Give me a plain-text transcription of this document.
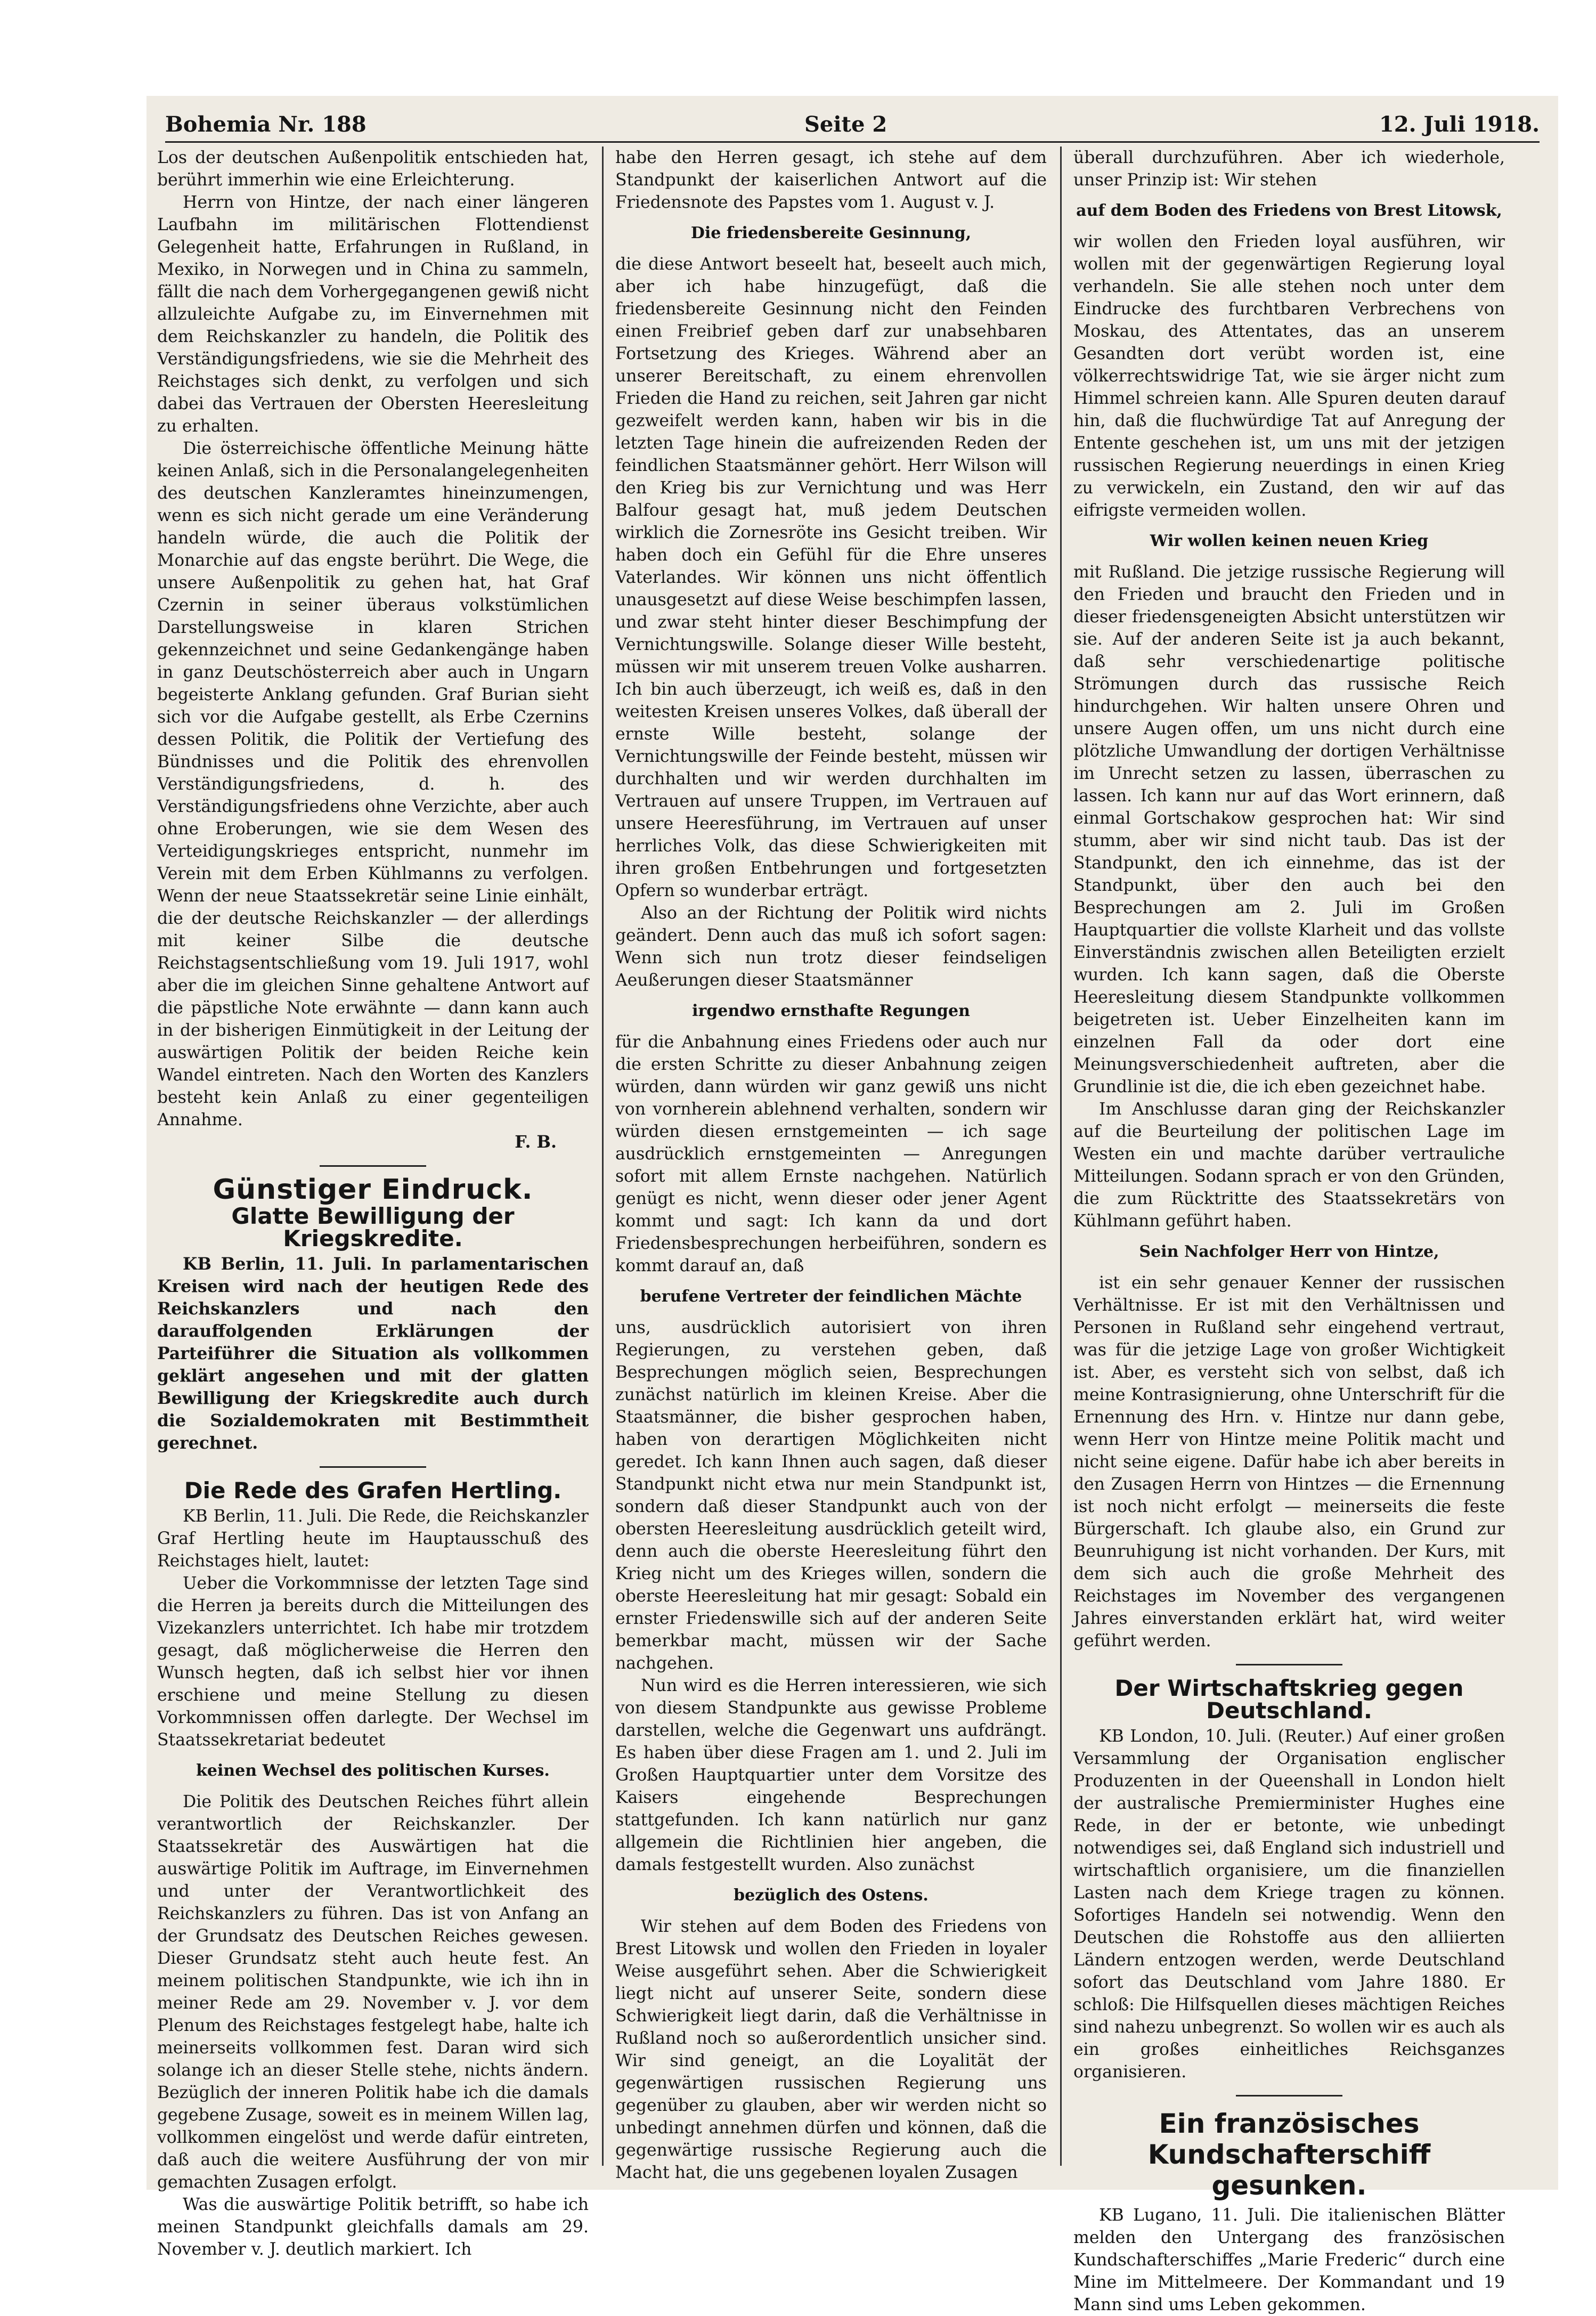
Bohemia Nr. 188	Seite 2	12. Juli 1918.

Los der deutschen Außenpolitik entschieden hat, berührt immerhin wie eine Erleichterung.

Herrn von Hintze, der nach einer längeren Laufbahn im militärischen Flottendienst Gelegenheit hatte, Erfahrungen in Rußland, in Mexiko, in Norwegen und in China zu sammeln, fällt die nach dem Vorhergegangenen gewiß nicht allzuleichte Aufgabe zu, im Einvernehmen mit dem Reichskanzler zu handeln, die Politik des Verständigungsfriedens, wie sie die Mehrheit des Reichstages sich denkt, zu verfolgen und sich dabei das Vertrauen der Obersten Heeresleitung zu erhalten.

Die österreichische öffentliche Meinung hätte keinen Anlaß, sich in die Personalangelegenheiten des deutschen Kanzleramtes hineinzumengen, wenn es sich nicht gerade um eine Veränderung handeln würde, die auch die Politik der Monarchie auf das engste berührt. Die Wege, die unsere Außenpolitik zu gehen hat, hat Graf Czernin in seiner überaus volkstümlichen Darstellungsweise in klaren Strichen gekennzeichnet und seine Gedankengänge haben in ganz Deutschösterreich aber auch in Ungarn begeisterte Anklang gefunden. Graf Burian sieht sich vor die Aufgabe gestellt, als Erbe Czernins dessen Politik, die Politik der Vertiefung des Bündnisses und die Politik des ehrenvollen Verständigungsfriedens, d. h. des Verständigungsfriedens ohne Verzichte, aber auch ohne Eroberungen, wie sie dem Wesen des Verteidigungskrieges entspricht, nunmehr im Verein mit dem Erben Kühlmanns zu verfolgen. Wenn der neue Staatssekretär seine Linie einhält, die der deutsche Reichskanzler — der allerdings mit keiner Silbe die deutsche Reichstagsentschließung vom 19. Juli 1917, wohl aber die im gleichen Sinne gehaltene Antwort auf die päpstliche Note erwähnte — dann kann auch in der bisherigen Einmütigkeit in der Leitung der auswärtigen Politik der beiden Reiche kein Wandel eintreten. Nach den Worten des Kanzlers besteht kein Anlaß zu einer gegenteiligen Annahme.

F. B.
Günstiger Eindruck.
Glatte Bewilligung der Kriegskredite.

KB Berlin, 11. Juli. In parlamentarischen Kreisen wird nach der heutigen Rede des Reichskanzlers und nach den darauffolgenden Erklärungen der Parteiführer die Situation als vollkommen geklärt angesehen und mit der glatten Bewilligung der Kriegskredite auch durch die Sozialdemokraten mit Bestimmtheit gerechnet.

Die Rede des Grafen Hertling.

KB Berlin, 11. Juli. Die Rede, die Reichskanzler Graf Hertling heute im Hauptausschuß des Reichstages hielt, lautet:

Ueber die Vorkommnisse der letzten Tage sind die Herren ja bereits durch die Mitteilungen des Vizekanzlers unterrichtet. Ich habe mir trotzdem gesagt, daß möglicherweise die Herren den Wunsch hegten, daß ich selbst hier vor ihnen erschiene und meine Stellung zu diesen Vorkommnissen offen darlegte. Der Wechsel im Staatssekretariat bedeutet

keinen Wechsel des politischen Kurses.

Die Politik des Deutschen Reiches führt allein verantwortlich der Reichskanzler. Der Staatssekretär des Auswärtigen hat die auswärtige Politik im Auftrage, im Einvernehmen und unter der Verantwortlichkeit des Reichskanzlers zu führen. Das ist von Anfang an der Grundsatz des Deutschen Reiches gewesen. Dieser Grundsatz steht auch heute fest. An meinem politischen Standpunkte, wie ich ihn in meiner Rede am 29. November v. J. vor dem Plenum des Reichstages festgelegt habe, halte ich meinerseits vollkommen fest. Daran wird sich solange ich an dieser Stelle stehe, nichts ändern. Bezüglich der inneren Politik habe ich die damals gegebene Zusage, soweit es in meinem Willen lag, vollkommen eingelöst und werde dafür eintreten, daß auch die weitere Ausführung der von mir gemachten Zusagen erfolgt.

Was die auswärtige Politik betrifft, so habe ich meinen Standpunkt gleichfalls damals am 29. November v. J. deutlich markiert. Ich

habe den Herren gesagt, ich stehe auf dem Standpunkt der kaiserlichen Antwort auf die Friedensnote des Papstes vom 1. August v. J.

Die friedensbereite Gesinnung,

die diese Antwort beseelt hat, beseelt auch mich, aber ich habe hinzugefügt, daß die friedensbereite Gesinnung nicht den Feinden einen Freibrief geben darf zur unabsehbaren Fortsetzung des Krieges. Während aber an unserer Bereitschaft, zu einem ehrenvollen Frieden die Hand zu reichen, seit Jahren gar nicht gezweifelt werden kann, haben wir bis in die letzten Tage hinein die aufreizenden Reden der feindlichen Staatsmänner gehört. Herr Wilson will den Krieg bis zur Vernichtung und was Herr Balfour gesagt hat, muß jedem Deutschen wirklich die Zornesröte ins Gesicht treiben. Wir haben doch ein Gefühl für die Ehre unseres Vaterlandes. Wir können uns nicht öffentlich unausgesetzt auf diese Weise beschimpfen lassen, und zwar steht hinter dieser Beschimpfung der Vernichtungswille. Solange dieser Wille besteht, müssen wir mit unserem treuen Volke ausharren. Ich bin auch überzeugt, ich weiß es, daß in den weitesten Kreisen unseres Volkes, daß überall der ernste Wille besteht, solange der Vernichtungswille der Feinde besteht, müssen wir durchhalten und wir werden durchhalten im Vertrauen auf unsere Truppen, im Vertrauen auf unsere Heeresführung, im Vertrauen auf unser herrliches Volk, das diese Schwierigkeiten mit ihren großen Entbehrungen und fortgesetzten Opfern so wunderbar erträgt.

Also an der Richtung der Politik wird nichts geändert. Denn auch das muß ich sofort sagen: Wenn sich nun trotz dieser feindseligen Aeußerungen dieser Staatsmänner

irgendwo ernsthafte Regungen

für die Anbahnung eines Friedens oder auch nur die ersten Schritte zu dieser Anbahnung zeigen würden, dann würden wir ganz gewiß uns nicht von vornherein ablehnend verhalten, sondern wir würden diesen ernstgemeinten — ich sage ausdrücklich ernstgemeinten — Anregungen sofort mit allem Ernste nachgehen. Natürlich genügt es nicht, wenn dieser oder jener Agent kommt und sagt: Ich kann da und dort Friedensbesprechungen herbeiführen, sondern es kommt darauf an, daß

berufene Vertreter der feindlichen Mächte

uns, ausdrücklich autorisiert von ihren Regierungen, zu verstehen geben, daß Besprechungen möglich seien, Besprechungen zunächst natürlich im kleinen Kreise. Aber die Staatsmänner, die bisher gesprochen haben, haben von derartigen Möglichkeiten nicht geredet. Ich kann Ihnen auch sagen, daß dieser Standpunkt nicht etwa nur mein Standpunkt ist, sondern daß dieser Standpunkt auch von der obersten Heeresleitung ausdrücklich geteilt wird, denn auch die oberste Heeresleitung führt den Krieg nicht um des Krieges willen, sondern die oberste Heeresleitung hat mir gesagt: Sobald ein ernster Friedenswille sich auf der anderen Seite bemerkbar macht, müssen wir der Sache nachgehen.

Nun wird es die Herren interessieren, wie sich von diesem Standpunkte aus gewisse Probleme darstellen, welche die Gegenwart uns aufdrängt. Es haben über diese Fragen am 1. und 2. Juli im Großen Hauptquartier unter dem Vorsitze des Kaisers eingehende Besprechungen stattgefunden. Ich kann natürlich nur ganz allgemein die Richtlinien hier angeben, die damals festgestellt wurden. Also zunächst

bezüglich des Ostens.

Wir stehen auf dem Boden des Friedens von Brest Litowsk und wollen den Frieden in loyaler Weise ausgeführt sehen. Aber die Schwierigkeit liegt nicht auf unserer Seite, sondern diese Schwierigkeit liegt darin, daß die Verhältnisse in Rußland noch so außerordentlich unsicher sind. Wir sind geneigt, an die Loyalität der gegenwärtigen russischen Regierung uns gegenüber zu glauben, aber wir werden nicht so unbedingt annehmen dürfen und können, daß die gegenwärtige russische Regierung auch die Macht hat, die uns gegebenen loyalen Zusagen

überall durchzuführen. Aber ich wiederhole, unser Prinzip ist: Wir stehen

auf dem Boden des Friedens von Brest Litowsk,

wir wollen den Frieden loyal ausführen, wir wollen mit der gegenwärtigen Regierung loyal verhandeln. Sie alle stehen noch unter dem Eindrucke des furchtbaren Verbrechens von Moskau, des Attentates, das an unserem Gesandten dort verübt worden ist, eine völkerrechtswidrige Tat, wie sie ärger nicht zum Himmel schreien kann. Alle Spuren deuten darauf hin, daß die fluchwürdige Tat auf Anregung der Entente geschehen ist, um uns mit der jetzigen russischen Regierung neuerdings in einen Krieg zu verwickeln, ein Zustand, den wir auf das eifrigste vermeiden wollen.

Wir wollen keinen neuen Krieg

mit Rußland. Die jetzige russische Regierung will den Frieden und braucht den Frieden und in dieser friedensgeneigten Absicht unterstützen wir sie. Auf der anderen Seite ist ja auch bekannt, daß sehr verschiedenartige politische Strömungen durch das russische Reich hindurchgehen. Wir halten unsere Ohren und unsere Augen offen, um uns nicht durch eine plötzliche Umwandlung der dortigen Verhältnisse im Unrecht setzen zu lassen, überraschen zu lassen. Ich kann nur auf das Wort erinnern, daß einmal Gortschakow gesprochen hat: Wir sind stumm, aber wir sind nicht taub. Das ist der Standpunkt, den ich einnehme, das ist der Standpunkt, über den auch bei den Besprechungen am 2. Juli im Großen Hauptquartier die vollste Klarheit und das vollste Einverständnis zwischen allen Beteiligten erzielt wurden. Ich kann sagen, daß die Oberste Heeresleitung diesem Standpunkte vollkommen beigetreten ist. Ueber Einzelheiten kann im einzelnen Fall da oder dort eine Meinungsverschiedenheit auftreten, aber die Grundlinie ist die, die ich eben gezeichnet habe.

Im Anschlusse daran ging der Reichskanzler auf die Beurteilung der politischen Lage im Westen ein und machte darüber vertrauliche Mitteilungen. Sodann sprach er von den Gründen, die zum Rücktritte des Staatssekretärs von Kühlmann geführt haben.

Sein Nachfolger Herr von Hintze,

ist ein sehr genauer Kenner der russischen Verhältnisse. Er ist mit den Verhältnissen und Personen in Rußland sehr eingehend vertraut, was für die jetzige Lage von großer Wichtigkeit ist. Aber, es versteht sich von selbst, daß ich meine Kontrasignierung, ohne Unterschrift für die Ernennung des Hrn. v. Hintze nur dann gebe, wenn Herr von Hintze meine Politik macht und nicht seine eigene. Dafür habe ich aber bereits in den Zusagen Herrn von Hintzes — die Ernennung ist noch nicht erfolgt — meinerseits die feste Bürgerschaft. Ich glaube also, ein Grund zur Beunruhigung ist nicht vorhanden. Der Kurs, mit dem sich auch die große Mehrheit des Reichstages im November des vergangenen Jahres einverstanden erklärt hat, wird weiter geführt werden.

Der Wirtschaftskrieg gegen Deutschland.

KB London, 10. Juli. (Reuter.) Auf einer großen Versammlung der Organisation englischer Produzenten in der Queenshall in London hielt der australische Premierminister Hughes eine Rede, in der er betonte, wie unbedingt notwendiges sei, daß England sich industriell und wirtschaftlich organisiere, um die finanziellen Lasten nach dem Kriege tragen zu können. Sofortiges Handeln sei notwendig. Wenn den Deutschen die Rohstoffe aus den alliierten Ländern entzogen werden, werde Deutschland sofort das Deutschland vom Jahre 1880. Er schloß: Die Hilfsquellen dieses mächtigen Reiches sind nahezu unbegrenzt. So wollen wir es auch als ein großes einheitliches Reichsganzes organisieren.

Ein französisches Kundschafterschiff gesunken.

KB Lugano, 11. Juli. Die italienischen Blätter melden den Untergang des französischen Kundschafterschiffes „Marie Frederic“ durch eine Mine im Mittelmeere. Der Kommandant und 19 Mann sind ums Leben gekommen.
